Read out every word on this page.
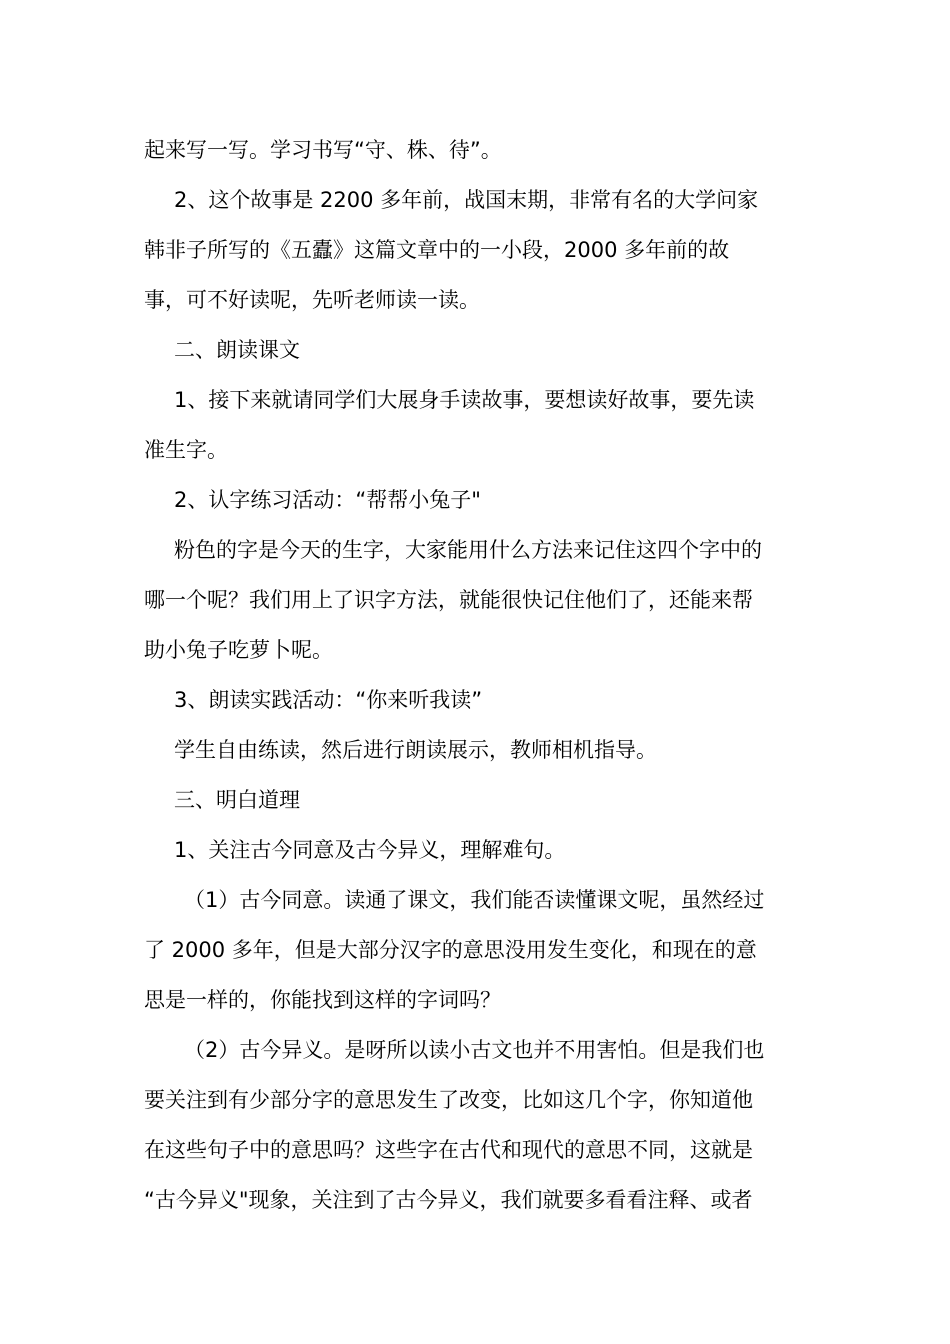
起来写一写。学习书写“守、株、待”。
2、这个故事是 2200 多年前，战国末期，非常有名的大学问家
韩非子所写的《五蠹》这篇文章中的一小段，2000 多年前的故
事，可不好读呢，先听老师读一读。
二、朗读课文
1、接下来就请同学们大展身手读故事，要想读好故事，要先读
准生字。
2、认字练习活动：“帮帮小兔子"
粉色的字是今天的生字，大家能用什么方法来记住这四个字中的
哪一个呢？我们用上了识字方法，就能很快记住他们了，还能来帮
助小兔子吃萝卜呢。
3、朗读实践活动：“你来听我读”
学生自由练读，然后进行朗读展示，教师相机指导。
三、明白道理
1、关注古今同意及古今异义，理解难句。
（1）古今同意。读通了课文，我们能否读懂课文呢，虽然经过
了 2000 多年，但是大部分汉字的意思没用发生变化，和现在的意
思是一样的，你能找到这样的字词吗？
（2）古今异义。是呀所以读小古文也并不用害怕。但是我们也
要关注到有少部分字的意思发生了改变，比如这几个字，你知道他
在这些句子中的意思吗？这些字在古代和现代的意思不同，这就是
“古今异义"现象，关注到了古今异义，我们就要多看看注释、或者
